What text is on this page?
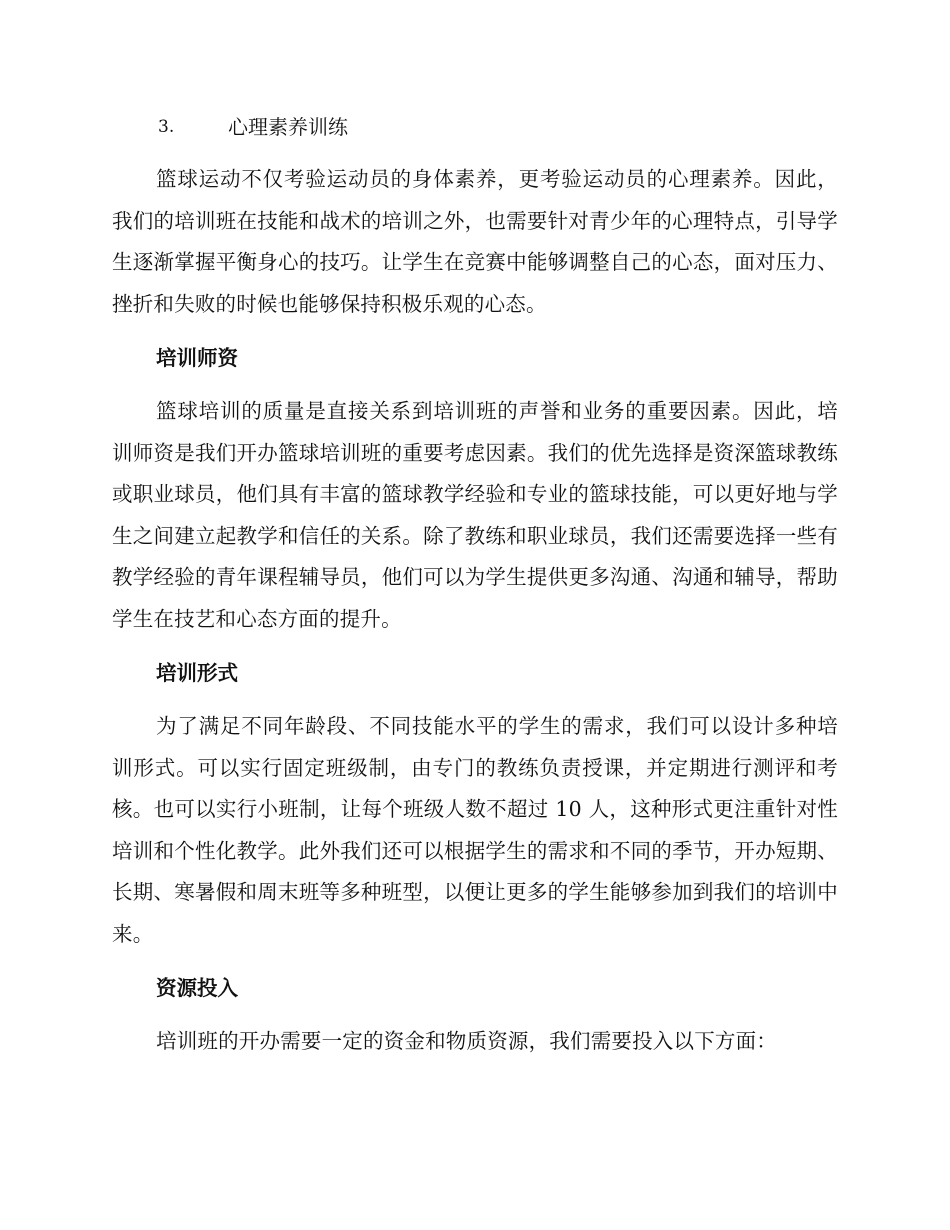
3.	心理素养训练

篮球运动不仅考验运动员的身体素养，更考验运动员的心理素养。因此，我们的培训班在技能和战术的培训之外，也需要针对青少年的心理特点，引导学生逐渐掌握平衡身心的技巧。让学生在竞赛中能够调整自己的心态，面对压力、挫折和失败的时候也能够保持积极乐观的心态。

培训师资

篮球培训的质量是直接关系到培训班的声誉和业务的重要因素。因此，培训师资是我们开办篮球培训班的重要考虑因素。我们的优先选择是资深篮球教练或职业球员，他们具有丰富的篮球教学经验和专业的篮球技能，可以更好地与学生之间建立起教学和信任的关系。除了教练和职业球员，我们还需要选择一些有教学经验的青年课程辅导员，他们可以为学生提供更多沟通、沟通和辅导，帮助学生在技艺和心态方面的提升。

培训形式

为了满足不同年龄段、不同技能水平的学生的需求，我们可以设计多种培训形式。可以实行固定班级制，由专门的教练负责授课，并定期进行测评和考核。也可以实行小班制，让每个班级人数不超过 10 人，这种形式更注重针对性培训和个性化教学。此外我们还可以根据学生的需求和不同的季节，开办短期、长期、寒暑假和周末班等多种班型，以便让更多的学生能够参加到我们的培训中来。

资源投入

培训班的开办需要一定的资金和物质资源，我们需要投入以下方面：
